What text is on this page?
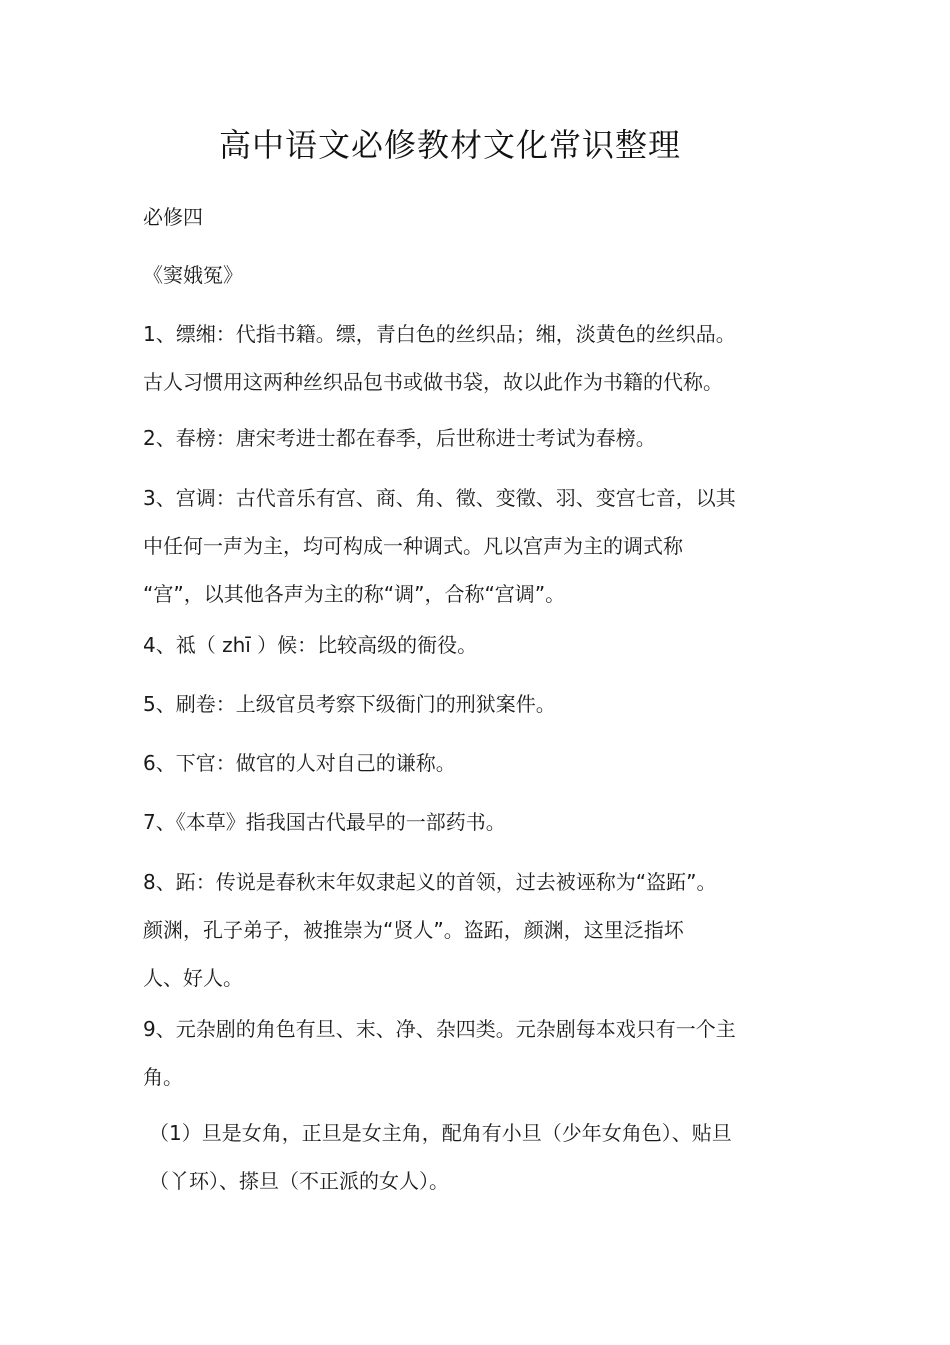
高中语文必修教材文化常识整理
必修四
《窦娥冤》
1、缥缃：代指书籍。缥，青白色的丝织品；缃，淡黄色的丝织品。
古人习惯用这两种丝织品包书或做书袋，故以此作为书籍的代称。
2、春榜：唐宋考进士都在春季，后世称进士考试为春榜。
3、宫调：古代音乐有宫、商、角、徵、变徵、羽、变宫七音，以其
中任何一声为主，均可构成一种调式。凡以宫声为主的调式称
“宫”，以其他各声为主的称“调”，合称“宫调”。
4、祗（ zhī ）候：比较高级的衙役。
5、刷卷：上级官员考察下级衙门的刑狱案件。
6、下官：做官的人对自己的谦称。
7、《本草》指我国古代最早的一部药书。
8、跖：传说是春秋末年奴隶起义的首领，过去被诬称为“盗跖”。
颜渊，孔子弟子，被推崇为“贤人”。盗跖，颜渊，这里泛指坏
人、好人。
9、元杂剧的角色有旦、末、净、杂四类。元杂剧每本戏只有一个主
角。
（1）旦是女角，正旦是女主角，配角有小旦（少年女角色）、贴旦
（丫环）、搽旦（不正派的女人）。
